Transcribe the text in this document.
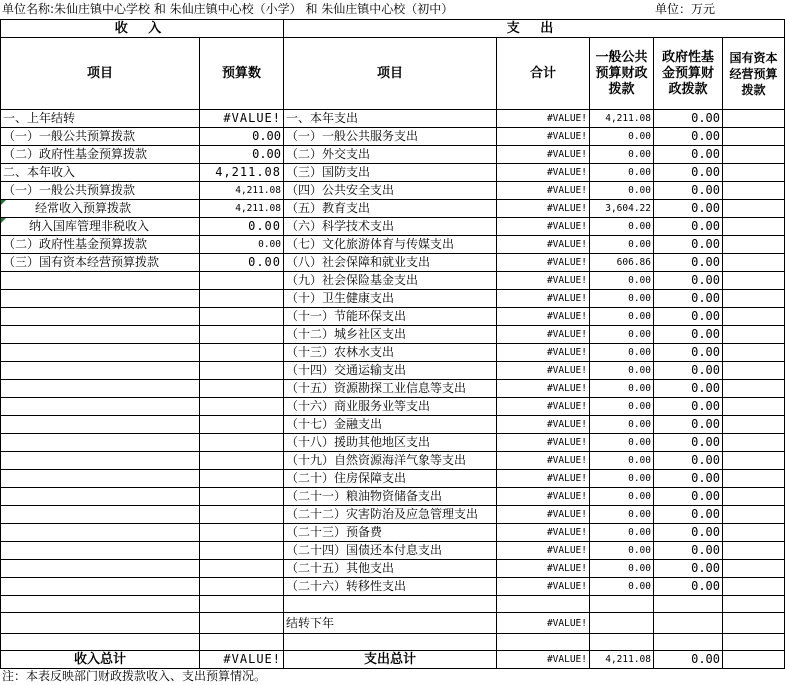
单位名称:朱仙庄镇中心学校 和 朱仙庄镇中心校（小学） 和 朱仙庄镇中心校（初中）	单位：万元
收 入		支 出				
项目	预算数	项目	合计	一般公共预算财政拨款	政府性基金预算财政拨款	国有资本经营预算拨款
一、上年结转	#VALUE!	一、本年支出	#VALUE!	4,211.08	0.00	
（一）一般公共预算拨款	0.00	（一）一般公共服务支出	#VALUE!	0.00	0.00	
（二）政府性基金预算拨款	0.00	（二）外交支出	#VALUE!	0.00	0.00	
二、本年收入	4,211.08	（三）国防支出	#VALUE!	0.00	0.00	
（一）一般公共预算拨款	4,211.08	（四）公共安全支出	#VALUE!	0.00	0.00	
经常收入预算拨款	4,211.08	（五）教育支出	#VALUE!	3,604.22	0.00	
纳入国库管理非税收入	0.00	（六）科学技术支出	#VALUE!	0.00	0.00	
（二）政府性基金预算拨款	0.00	（七）文化旅游体育与传媒支出	#VALUE!	0.00	0.00	
（三）国有资本经营预算拨款	0.00	（八）社会保障和就业支出	#VALUE!	606.86	0.00	
		（九）社会保险基金支出	#VALUE!	0.00	0.00	
		（十）卫生健康支出	#VALUE!	0.00	0.00	
		（十一）节能环保支出	#VALUE!	0.00	0.00	
		（十二）城乡社区支出	#VALUE!	0.00	0.00	
		（十三）农林水支出	#VALUE!	0.00	0.00	
		（十四）交通运输支出	#VALUE!	0.00	0.00	
		（十五）资源勘探工业信息等支出	#VALUE!	0.00	0.00	
		（十六）商业服务业等支出	#VALUE!	0.00	0.00	
		（十七）金融支出	#VALUE!	0.00	0.00	
		（十八）援助其他地区支出	#VALUE!	0.00	0.00	
		（十九）自然资源海洋气象等支出	#VALUE!	0.00	0.00	
		（二十）住房保障支出	#VALUE!	0.00	0.00	
		（二十一）粮油物资储备支出	#VALUE!	0.00	0.00	
		（二十二）灾害防治及应急管理支出	#VALUE!	0.00	0.00	
		（二十三）预备费	#VALUE!	0.00	0.00	
		（二十四）国债还本付息支出	#VALUE!	0.00	0.00	
		（二十五）其他支出	#VALUE!	0.00	0.00	
		（二十六）转移性支出	#VALUE!	0.00	0.00	

		结转下年	#VALUE!			

收入总计	#VALUE!	支出总计	#VALUE!	4,211.08	0.00	
注：本表反映部门财政拨款收入、支出预算情况。
